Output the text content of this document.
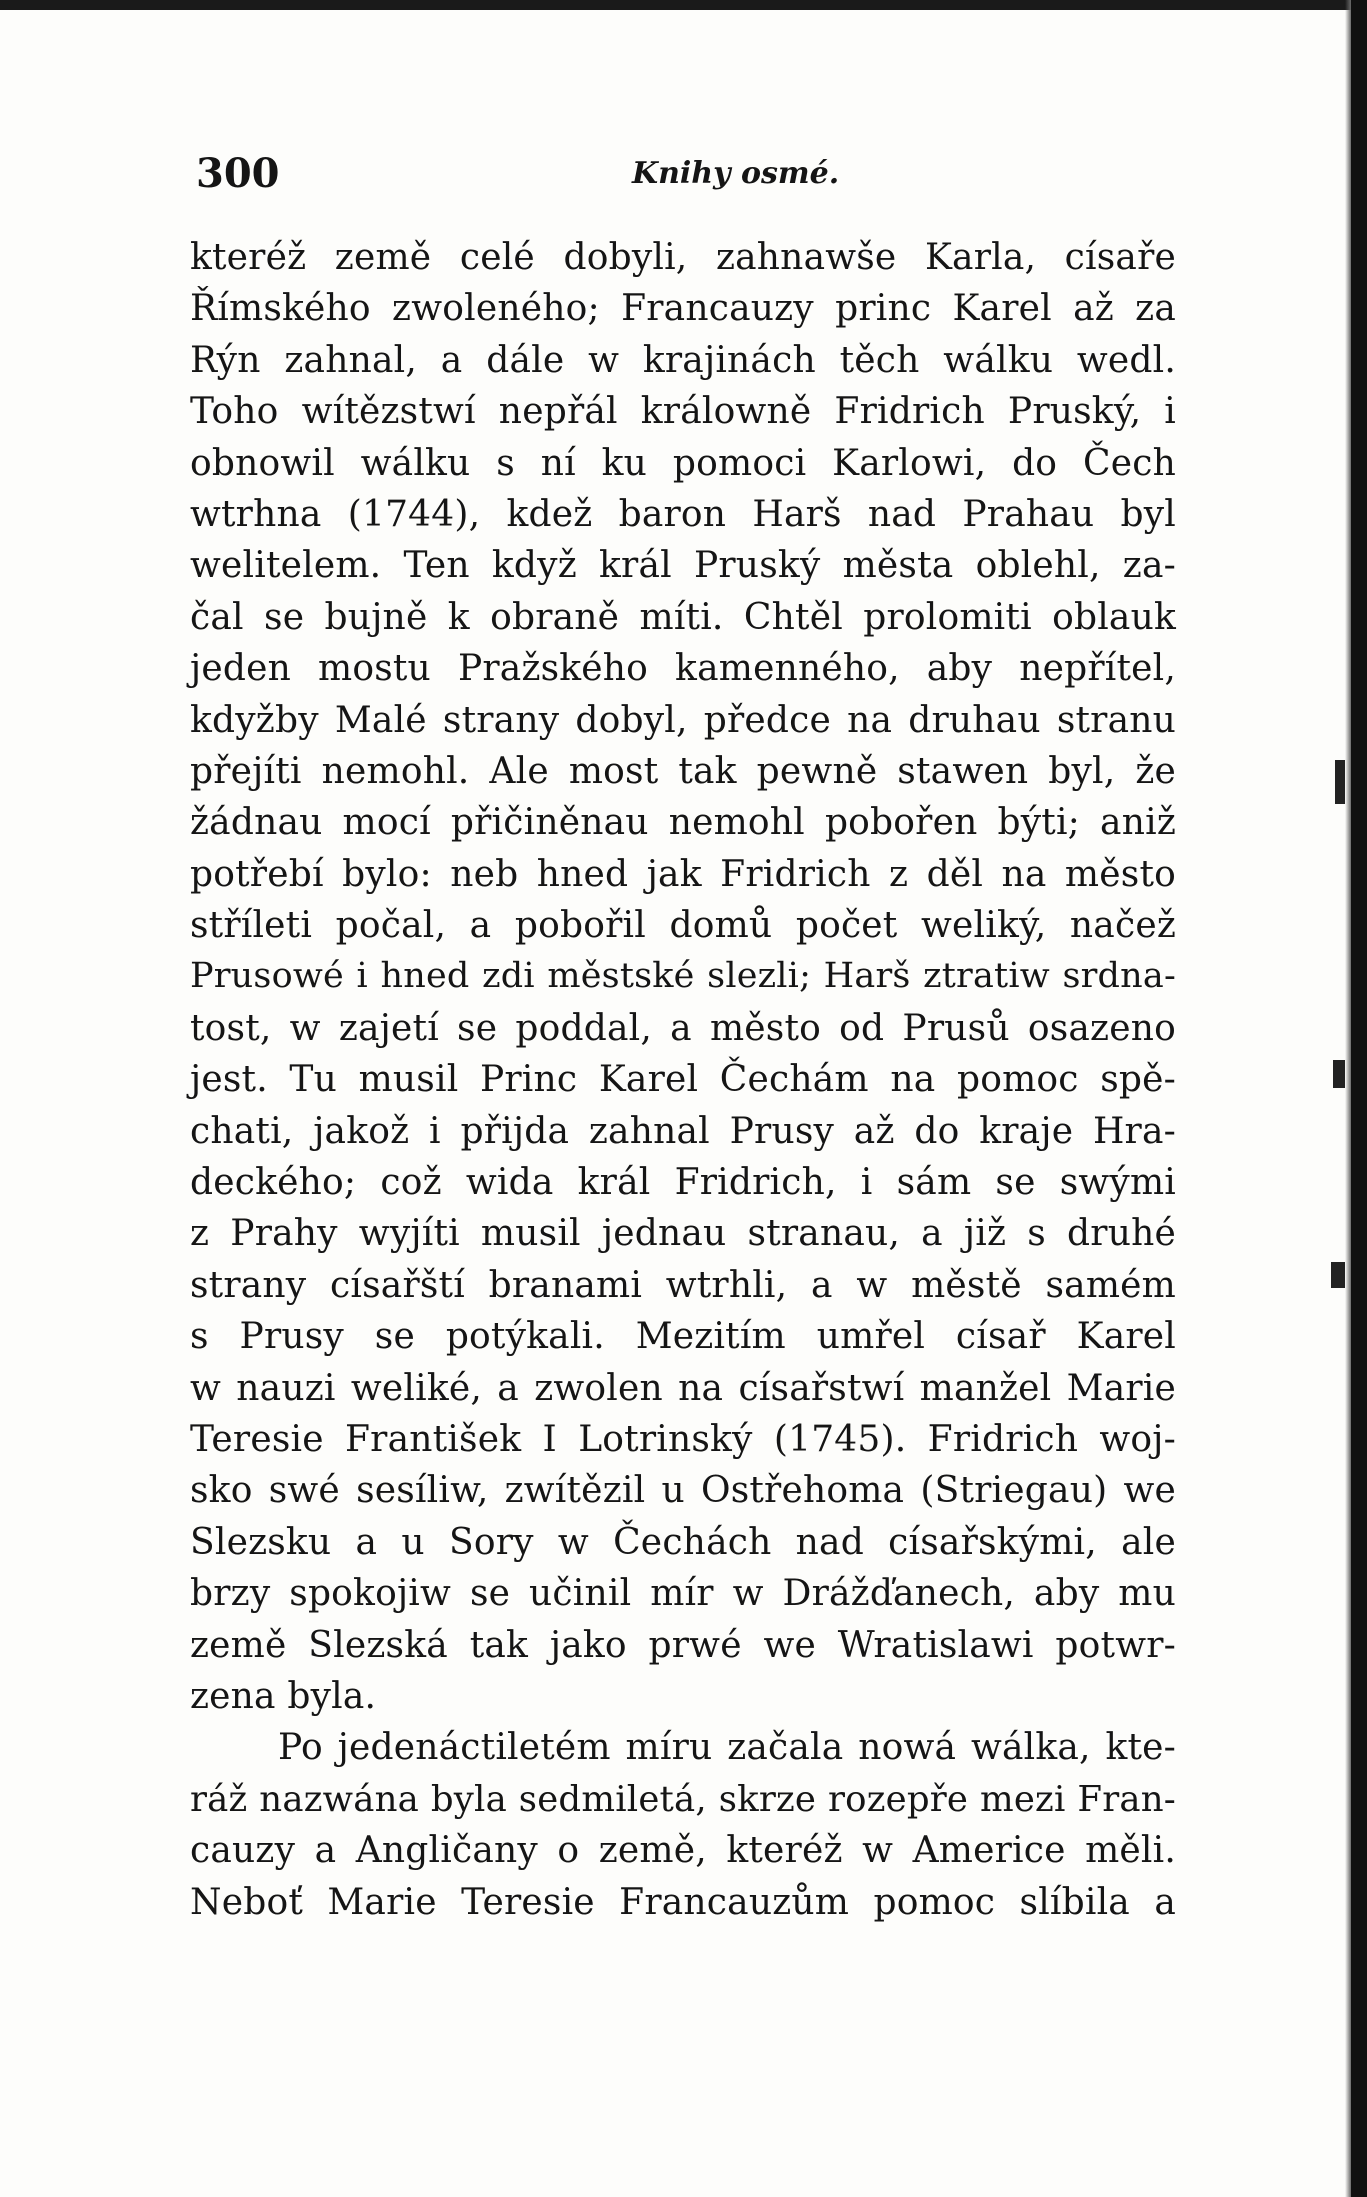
300	Knihy osmé.
kteréž země celé dobyli, zahnawše Karla, císaře
Římského zwoleného; Francauzy princ Karel až za
Rýn zahnal, a dále w krajinách těch wálku wedl.
Toho wítězstwí nepřál králowně Fridrich Pruský, i
obnowil wálku s ní ku pomoci Karlowi, do Čech
wtrhna (1744), kdež baron Harš nad Prahau byl
welitelem. Ten když král Pruský města oblehl, za-
čal se bujně k obraně míti. Chtěl prolomiti oblauk
jeden mostu Pražského kamenného, aby nepřítel,
kdyžby Malé strany dobyl, předce na druhau stranu
přejíti nemohl. Ale most tak pewně stawen byl, že
žádnau mocí přičiněnau nemohl pobořen býti; aniž
potřebí bylo: neb hned jak Fridrich z děl na město
stříleti počal, a pobořil domů počet weliký, načež
Prusowé i hned zdi městské slezli; Harš ztratiw srdna-
tost, w zajetí se poddal, a město od Prusů osazeno
jest. Tu musil Princ Karel Čechám na pomoc spě-
chati, jakož i přijda zahnal Prusy až do kraje Hra-
deckého; což wida král Fridrich, i sám se swými
z Prahy wyjíti musil jednau stranau, a již s druhé
strany císařští branami wtrhli, a w městě samém
s Prusy se potýkali. Mezitím umřel císař Karel
w nauzi weliké, a zwolen na císařstwí manžel Marie
Teresie František I Lotrinský (1745). Fridrich woj-
sko swé sesíliw, zwítězil u Ostřehoma (Striegau) we
Slezsku a u Sory w Čechách nad císařskými, ale
brzy spokojiw se učinil mír w Drážďanech, aby mu
země Slezská tak jako prwé we Wratislawi potwr-
zena byla.
Po jedenáctiletém míru začala nowá wálka, kte-
ráž nazwána byla sedmiletá, skrze rozepře mezi Fran-
cauzy a Angličany o země, kteréž w Americe měli.
Neboť Marie Teresie Francauzům pomoc slíbila a
